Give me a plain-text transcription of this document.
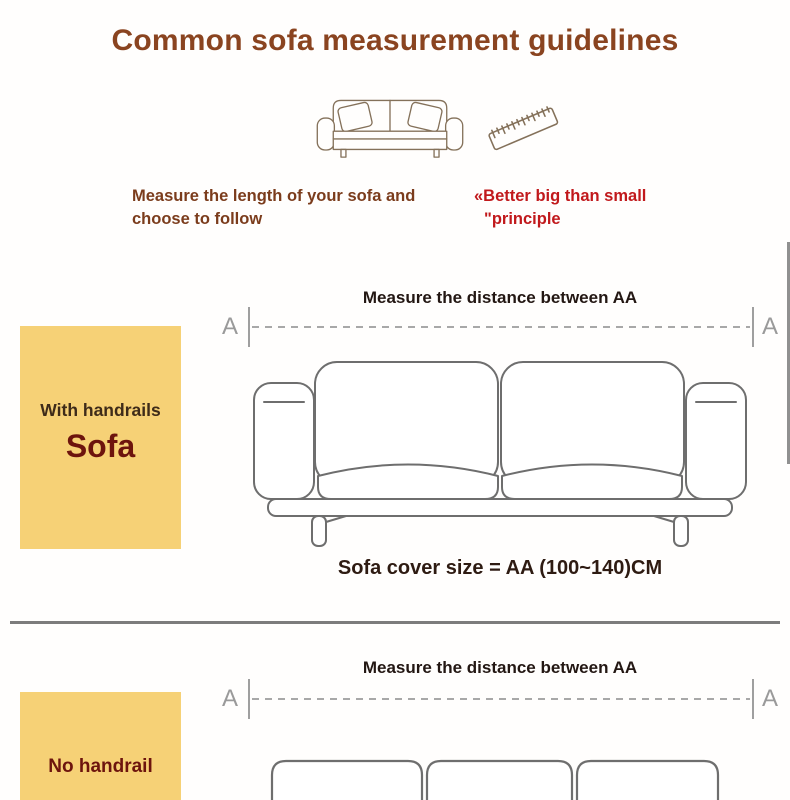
Common sofa measurement guidelines
Measure the length of your sofa and
choose to follow
«Better big than small
"principle
Measure the distance between AA
A	A
With handrails
Sofa
Sofa cover size = AA (100~140)CM
Measure the distance between AA
A	A
No handrail
